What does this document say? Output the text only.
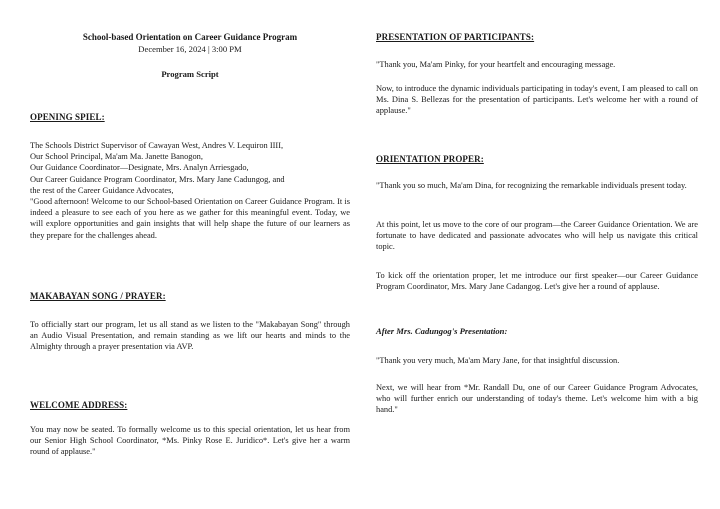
School-based Orientation on Career Guidance Program
December 16, 2024 | 3:00 PM
Program Script
OPENING SPIEL:
The Schools District Supervisor of Cawayan West, Andres V. Lequiron IIII,
Our School Principal, Ma'am Ma. Janette Banogon,
Our Guidance Coordinator—Designate, Mrs. Analyn Arriesgado,
Our Career Guidance Program Coordinator, Mrs. Mary Jane Cadungog, and
the rest of the Career Guidance Advocates,
"Good afternoon! Welcome to our School-based Orientation on Career Guidance Program. It is indeed a pleasure to see each of you here as we gather for this meaningful event. Today, we will explore opportunities and gain insights that will help shape the future of our learners as they prepare for the challenges ahead.
MAKABAYAN SONG / PRAYER:
To officially start our program, let us all stand as we listen to the "Makabayan Song" through an Audio Visual Presentation, and remain standing as we lift our hearts and minds to the Almighty through a prayer presentation via AVP.
WELCOME ADDRESS:
You may now be seated. To formally welcome us to this special orientation, let us hear from our Senior High School Coordinator, *Ms. Pinky Rose E. Juridico*. Let's give her a warm round of applause."
PRESENTATION OF PARTICIPANTS:
"Thank you, Ma'am Pinky, for your heartfelt and encouraging message.
Now, to introduce the dynamic individuals participating in today's event, I am pleased to call on Ms. Dina S. Bellezas for the presentation of participants. Let's welcome her with a round of applause."
ORIENTATION PROPER:
"Thank you so much, Ma'am Dina, for recognizing the remarkable individuals present today.
At this point, let us move to the core of our program—the Career Guidance Orientation. We are fortunate to have dedicated and passionate advocates who will help us navigate this critical topic.
To kick off the orientation proper, let me introduce our first speaker—our Career Guidance Program Coordinator, Mrs. Mary Jane Cadangog. Let's give her a round of applause.
After Mrs. Cadungog's Presentation:
"Thank you very much, Ma'am Mary Jane, for that insightful discussion.
Next, we will hear from *Mr. Randall Du, one of our Career Guidance Program Advocates, who will further enrich our understanding of today's theme. Let's welcome him with a big hand."
